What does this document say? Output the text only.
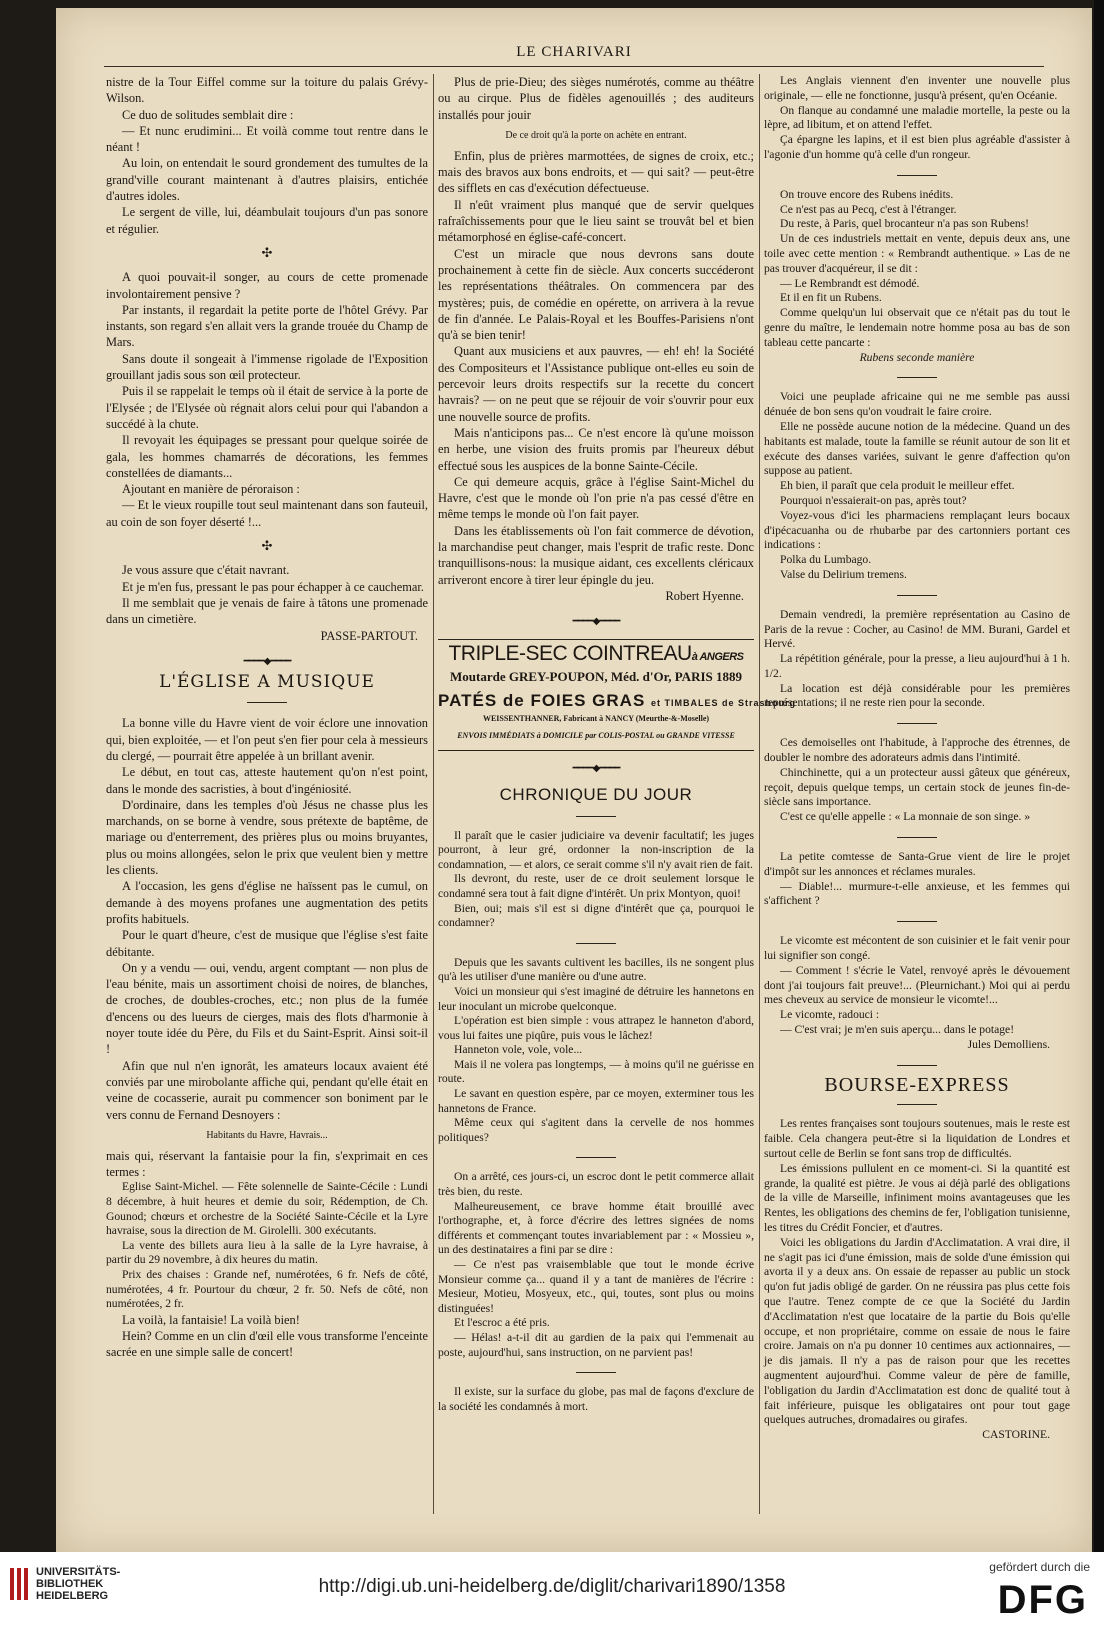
LE CHARIVARI

nistre de la Tour Eiffel comme sur la toiture du palais Grévy-Wilson.

Ce duo de solitudes semblait dire :

— Et nunc erudimini... Et voilà comme tout rentre dans le néant !

Au loin, on entendait le sourd grondement des tumultes de la grand'ville courant maintenant à d'autres plaisirs, entichée d'autres idoles.

Le sergent de ville, lui, déambulait toujours d'un pas sonore et régulier.

✣

A quoi pouvait-il songer, au cours de cette promenade involontairement pensive ?

Par instants, il regardait la petite porte de l'hôtel Grévy. Par instants, son regard s'en allait vers la grande trouée du Champ de Mars.

Sans doute il songeait à l'immense rigolade de l'Exposition grouillant jadis sous son œil protecteur.

Puis il se rappelait le temps où il était de service à la porte de l'Elysée ; de l'Elysée où régnait alors celui pour qui l'abandon a succédé à la chute.

Il revoyait les équipages se pressant pour quelque soirée de gala, les hommes chamarrés de décorations, les femmes constellées de diamants...

Ajoutant en manière de péroraison :

— Et le vieux roupille tout seul maintenant dans son fauteuil, au coin de son foyer déserté !...

✣

Je vous assure que c'était navrant.

Et je m'en fus, pressant le pas pour échapper à ce cauchemar.

Il me semblait que je venais de faire à tâtons une promenade dans un cimetière.

PASSE-PARTOUT.

━━━━◆━━━━
L'ÉGLISE A MUSIQUE

La bonne ville du Havre vient de voir éclore une innovation qui, bien exploitée, — et l'on peut s'en fier pour cela à messieurs du clergé, — pourrait être appelée à un brillant avenir.

Le début, en tout cas, atteste hautement qu'on n'est point, dans le monde des sacristies, à bout d'ingéniosité.

D'ordinaire, dans les temples d'où Jésus ne chasse plus les marchands, on se borne à vendre, sous prétexte de baptême, de mariage ou d'enterrement, des prières plus ou moins bruyantes, plus ou moins allongées, selon le prix que veulent bien y mettre les clients.

A l'occasion, les gens d'église ne haïssent pas le cumul, on demande à des moyens profanes une augmentation des petits profits habituels.

Pour le quart d'heure, c'est de musique que l'église s'est faite débitante.

On y a vendu — oui, vendu, argent comptant — non plus de l'eau bénite, mais un assortiment choisi de noires, de blanches, de croches, de doubles-croches, etc.; non plus de la fumée d'encens ou des lueurs de cierges, mais des flots d'harmonie à noyer toute idée du Père, du Fils et du Saint-Esprit. Ainsi soit-il !

Afin que nul n'en ignorât, les amateurs locaux avaient été conviés par une mirobolante affiche qui, pendant qu'elle était en veine de cocasserie, aurait pu commencer son boniment par le vers connu de Fernand Desnoyers :

Habitants du Havre, Havrais...

mais qui, réservant la fantaisie pour la fin, s'exprimait en ces termes :

Eglise Saint-Michel. — Fête solennelle de Sainte-Cécile : Lundi 8 décembre, à huit heures et demie du soir, Rédemption, de Ch. Gounod; chœurs et orchestre de la Société Sainte-Cécile et la Lyre havraise, sous la direction de M. Girolelli. 300 exécutants.

La vente des billets aura lieu à la salle de la Lyre havraise, à partir du 29 novembre, à dix heures du matin.

Prix des chaises : Grande nef, numérotées, 6 fr. Nefs de côté, numérotées, 4 fr. Pourtour du chœur, 2 fr. 50. Nefs de côté, non numérotées, 2 fr.

La voilà, la fantaisie! La voilà bien!

Hein? Comme en un clin d'œil elle vous transforme l'enceinte sacrée en une simple salle de concert!

Plus de prie-Dieu; des sièges numérotés, comme au théâtre ou au cirque. Plus de fidèles agenouillés ; des auditeurs installés pour jouir

De ce droit qu'à la porte on achète en entrant.

Enfin, plus de prières marmottées, de signes de croix, etc.; mais des bravos aux bons endroits, et — qui sait? — peut-être des sifflets en cas d'exécution défectueuse.

Il n'eût vraiment plus manqué que de servir quelques rafraîchissements pour que le lieu saint se trouvât bel et bien métamorphosé en église-café-concert.

C'est un miracle que nous devrons sans doute prochainement à cette fin de siècle. Aux concerts succéderont les représentations théâtrales. On commencera par des mystères; puis, de comédie en opérette, on arrivera à la revue de fin d'année. Le Palais-Royal et les Bouffes-Parisiens n'ont qu'à se bien tenir!

Quant aux musiciens et aux pauvres, — eh! eh! la Société des Compositeurs et l'Assistance publique ont-elles eu soin de percevoir leurs droits respectifs sur la recette du concert havrais? — on ne peut que se réjouir de voir s'ouvrir pour eux une nouvelle source de profits.

Mais n'anticipons pas... Ce n'est encore là qu'une moisson en herbe, une vision des fruits promis par l'heureux début effectué sous les auspices de la bonne Sainte-Cécile.

Ce qui demeure acquis, grâce à l'église Saint-Michel du Havre, c'est que le monde où l'on prie n'a pas cessé d'être en même temps le monde où l'on fait payer.

Dans les établissements où l'on fait commerce de dévotion, la marchandise peut changer, mais l'esprit de trafic reste. Donc tranquillisons-nous: la musique aidant, ces excellents cléricaux arriveront encore à tirer leur épingle du jeu.

Robert Hyenne.

━━━━◆━━━━
TRIPLE-SEC COINTREAUà ANGERS
Moutarde GREY-POUPON, Méd. d'Or, PARIS 1889
PATÉS de FOIES GRAS et TIMBALES de Strasbourg
WEISSENTHANNER, Fabricant à NANCY (Meurthe-&-Moselle)
ENVOIS IMMÉDIATS à DOMICILE par COLIS-POSTAL ou GRANDE VITESSE
━━━━◆━━━━
CHRONIQUE DU JOUR

Il paraît que le casier judiciaire va devenir facultatif; les juges pourront, à leur gré, ordonner la non-inscription de la condamnation, — et alors, ce serait comme s'il n'y avait rien de fait.

Ils devront, du reste, user de ce droit seulement lorsque le condamné sera tout à fait digne d'intérêt. Un prix Montyon, quoi!

Bien, oui; mais s'il est si digne d'intérêt que ça, pourquoi le condamner?

Depuis que les savants cultivent les bacilles, ils ne songent plus qu'à les utiliser d'une manière ou d'une autre.

Voici un monsieur qui s'est imaginé de détruire les hannetons en leur inoculant un microbe quelconque.

L'opération est bien simple : vous attrapez le hanneton d'abord, vous lui faites une piqûre, puis vous le lâchez!

Hanneton vole, vole, vole...

Mais il ne volera pas longtemps, — à moins qu'il ne guérisse en route.

Le savant en question espère, par ce moyen, exterminer tous les hannetons de France.

Même ceux qui s'agitent dans la cervelle de nos hommes politiques?

On a arrêté, ces jours-ci, un escroc dont le petit commerce allait très bien, du reste.

Malheureusement, ce brave homme était brouillé avec l'orthographe, et, à force d'écrire des lettres signées de noms différents et commençant toutes invariablement par : « Mossieu », un des destinataires a fini par se dire :

— Ce n'est pas vraisemblable que tout le monde écrive Monsieur comme ça... quand il y a tant de manières de l'écrire : Mesieur, Motieu, Mosyeux, etc., qui, toutes, sont plus ou moins distinguées!

Et l'escroc a été pris.

— Hélas! a-t-il dit au gardien de la paix qui l'emmenait au poste, aujourd'hui, sans instruction, on ne parvient pas!

Il existe, sur la surface du globe, pas mal de façons d'exclure de la société les condamnés à mort.

Les Anglais viennent d'en inventer une nouvelle plus originale, — elle ne fonctionne, jusqu'à présent, qu'en Océanie.

On flanque au condamné une maladie mortelle, la peste ou la lèpre, ad libitum, et on attend l'effet.

Ça épargne les lapins, et il est bien plus agréable d'assister à l'agonie d'un homme qu'à celle d'un rongeur.

On trouve encore des Rubens inédits.

Ce n'est pas au Pecq, c'est à l'étranger.

Du reste, à Paris, quel brocanteur n'a pas son Rubens!

Un de ces industriels mettait en vente, depuis deux ans, une toile avec cette mention : « Rembrandt authentique. » Las de ne pas trouver d'acquéreur, il se dit :

— Le Rembrandt est démodé.

Et il en fit un Rubens.

Comme quelqu'un lui observait que ce n'était pas du tout le genre du maître, le lendemain notre homme posa au bas de son tableau cette pancarte :

Rubens seconde manière

Voici une peuplade africaine qui ne me semble pas aussi dénuée de bon sens qu'on voudrait le faire croire.

Elle ne possède aucune notion de la médecine. Quand un des habitants est malade, toute la famille se réunit autour de son lit et exécute des danses variées, suivant le genre d'affection qu'on suppose au patient.

Eh bien, il paraît que cela produit le meilleur effet.

Pourquoi n'essaierait-on pas, après tout?

Voyez-vous d'ici les pharmaciens remplaçant leurs bocaux d'ipécacuanha ou de rhubarbe par des cartonniers portant ces indications :

Polka du Lumbago.

Valse du Delirium tremens.

Demain vendredi, la première représentation au Casino de Paris de la revue : Cocher, au Casino! de MM. Burani, Gardel et Hervé.

La répétition générale, pour la presse, a lieu aujourd'hui à 1 h. 1/2.

La location est déjà considérable pour les premières représentations; il ne reste rien pour la seconde.

Ces demoiselles ont l'habitude, à l'approche des étrennes, de doubler le nombre des adorateurs admis dans l'intimité.

Chinchinette, qui a un protecteur aussi gâteux que généreux, reçoit, depuis quelque temps, un certain stock de jeunes fin-de-siècle sans importance.

C'est ce qu'elle appelle : « La monnaie de son singe. »

La petite comtesse de Santa-Grue vient de lire le projet d'impôt sur les annonces et réclames murales.

— Diable!... murmure-t-elle anxieuse, et les femmes qui s'affichent ?

Le vicomte est mécontent de son cuisinier et le fait venir pour lui signifier son congé.

— Comment ! s'écrie le Vatel, renvoyé après le dévouement dont j'ai toujours fait preuve!... (Pleurnichant.) Moi qui ai perdu mes cheveux au service de monsieur le vicomte!...

Le vicomte, radouci :

— C'est vrai; je m'en suis aperçu... dans le potage!

Jules Demolliens.

BOURSE-EXPRESS

Les rentes françaises sont toujours soutenues, mais le reste est faible. Cela changera peut-être si la liquidation de Londres et surtout celle de Berlin se font sans trop de difficultés.

Les émissions pullulent en ce moment-ci. Si la quantité est grande, la qualité est piètre. Je vous ai déjà parlé des obligations de la ville de Marseille, infiniment moins avantageuses que les Rentes, les obligations des chemins de fer, l'obligation tunisienne, les titres du Crédit Foncier, et d'autres.

Voici les obligations du Jardin d'Acclimatation. A vrai dire, il ne s'agit pas ici d'une émission, mais de solde d'une émission qui avorta il y a deux ans. On essaie de repasser au public un stock qu'on fut jadis obligé de garder. On ne réussira pas plus cette fois que l'autre. Tenez compte de ce que la Société du Jardin d'Acclimatation n'est que locataire de la partie du Bois qu'elle occupe, et non propriétaire, comme on essaie de nous le faire croire. Jamais on n'a pu donner 10 centimes aux actionnaires, — je dis jamais. Il n'y a pas de raison pour que les recettes augmentent aujourd'hui. Comme valeur de père de famille, l'obligation du Jardin d'Acclimatation est donc de qualité tout à fait inférieure, puisque les obligataires ont pour tout gage quelques autruches, dromadaires ou girafes.

CASTORINE.

UNIVERSITÄTS-
BIBLIOTHEK
HEIDELBERG	http://digi.ub.uni-heidelberg.de/diglit/charivari1890/1358
gefördert durch die
DFG
